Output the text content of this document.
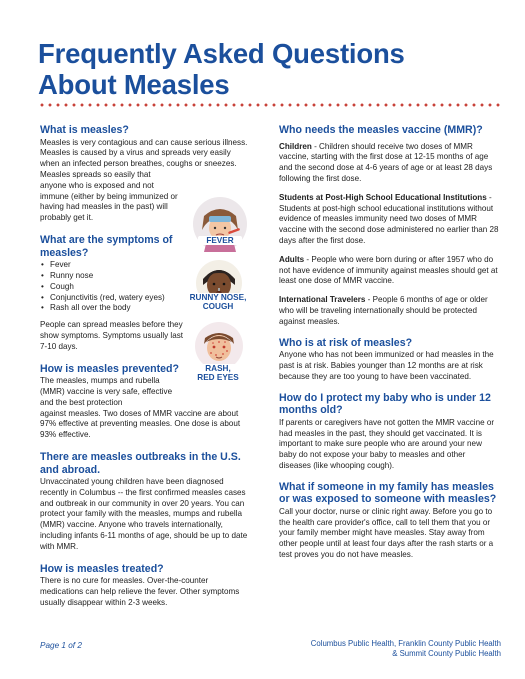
Frequently Asked Questions
About Measles
What is measles?

Measles is very contagious and can cause serious illness. Measles is caused by a virus and spreads very easily when an infected person breathes, coughs or sneezes. Measles spreads so easily that

anyone who is exposed and not immune (either by being immunized or having had measles in the past) will probably get it.

What are the symptoms of measles?
• Fever
• Runny nose
• Cough
• Conjunctivitis (red, watery eyes)
• Rash all over the body

People can spread measles before they show symptoms. Symptoms usually last 7-10 days.

How is measles prevented?

The measles, mumps and rubella (MMR) vaccine is very safe, effective and the best protection

against measles. Two doses of MMR vaccine are about 97% effective at preventing measles. One dose is about 93% effective.

There are measles outbreaks in the U.S. and abroad.

Unvaccinated young children have been diagnosed recently in Columbus -- the first confirmed measles cases and outbreak in our community in over 20 years. You can protect your family with the measles, mumps and rubella (MMR) vaccine. Anyone who travels internationally, including infants 6-11 months of age, should be up to date with MMR.

How is measles treated?

There is no cure for measles. Over-the-counter medications can help relieve the fever. Other symptoms usually disappear within 2-3 weeks.

FEVER
RUNNY NOSE,
COUGH
RASH,
RED EYES
Who needs the measles vaccine (MMR)?

Children - Children should receive two doses of MMR vaccine, starting with the first dose at 12-15 months of age and the second dose at 4-6 years of age or at least 28 days following the first dose.

Students at Post-High School Educational Institutions - Students at post-high school educational institutions without evidence of measles immunity need two doses of MMR vaccine with the second dose administered no earlier than 28 days after the first dose.

Adults - People who were born during or after 1957 who do not have evidence of immunity against measles should get at least one dose of MMR vaccine.

International Travelers - People 6 months of age or older who will be traveling internationally should be protected against measles.

Who is at risk of measles?

Anyone who has not been immunized or had measles in the past is at risk. Babies younger than 12 months are at risk because they are too young to have been vaccinated.

How do I protect my baby who is under 12 months old?

If parents or caregivers have not gotten the MMR vaccine or had measles in the past, they should get vaccinated. It is important to make sure people who are around your new baby do not expose your baby to measles and other diseases (like whooping cough).

What if someone in my family has measles or was exposed to someone with measles?

Call your doctor, nurse or clinic right away. Before you go to the health care provider's office, call to tell them that you or your family member might have measles. Stay away from other people until at least four days after the rash starts or a test proves you do not have measles.

Page 1 of 2	Columbus Public Health, Franklin County Public Health
& Summit County Public Health
